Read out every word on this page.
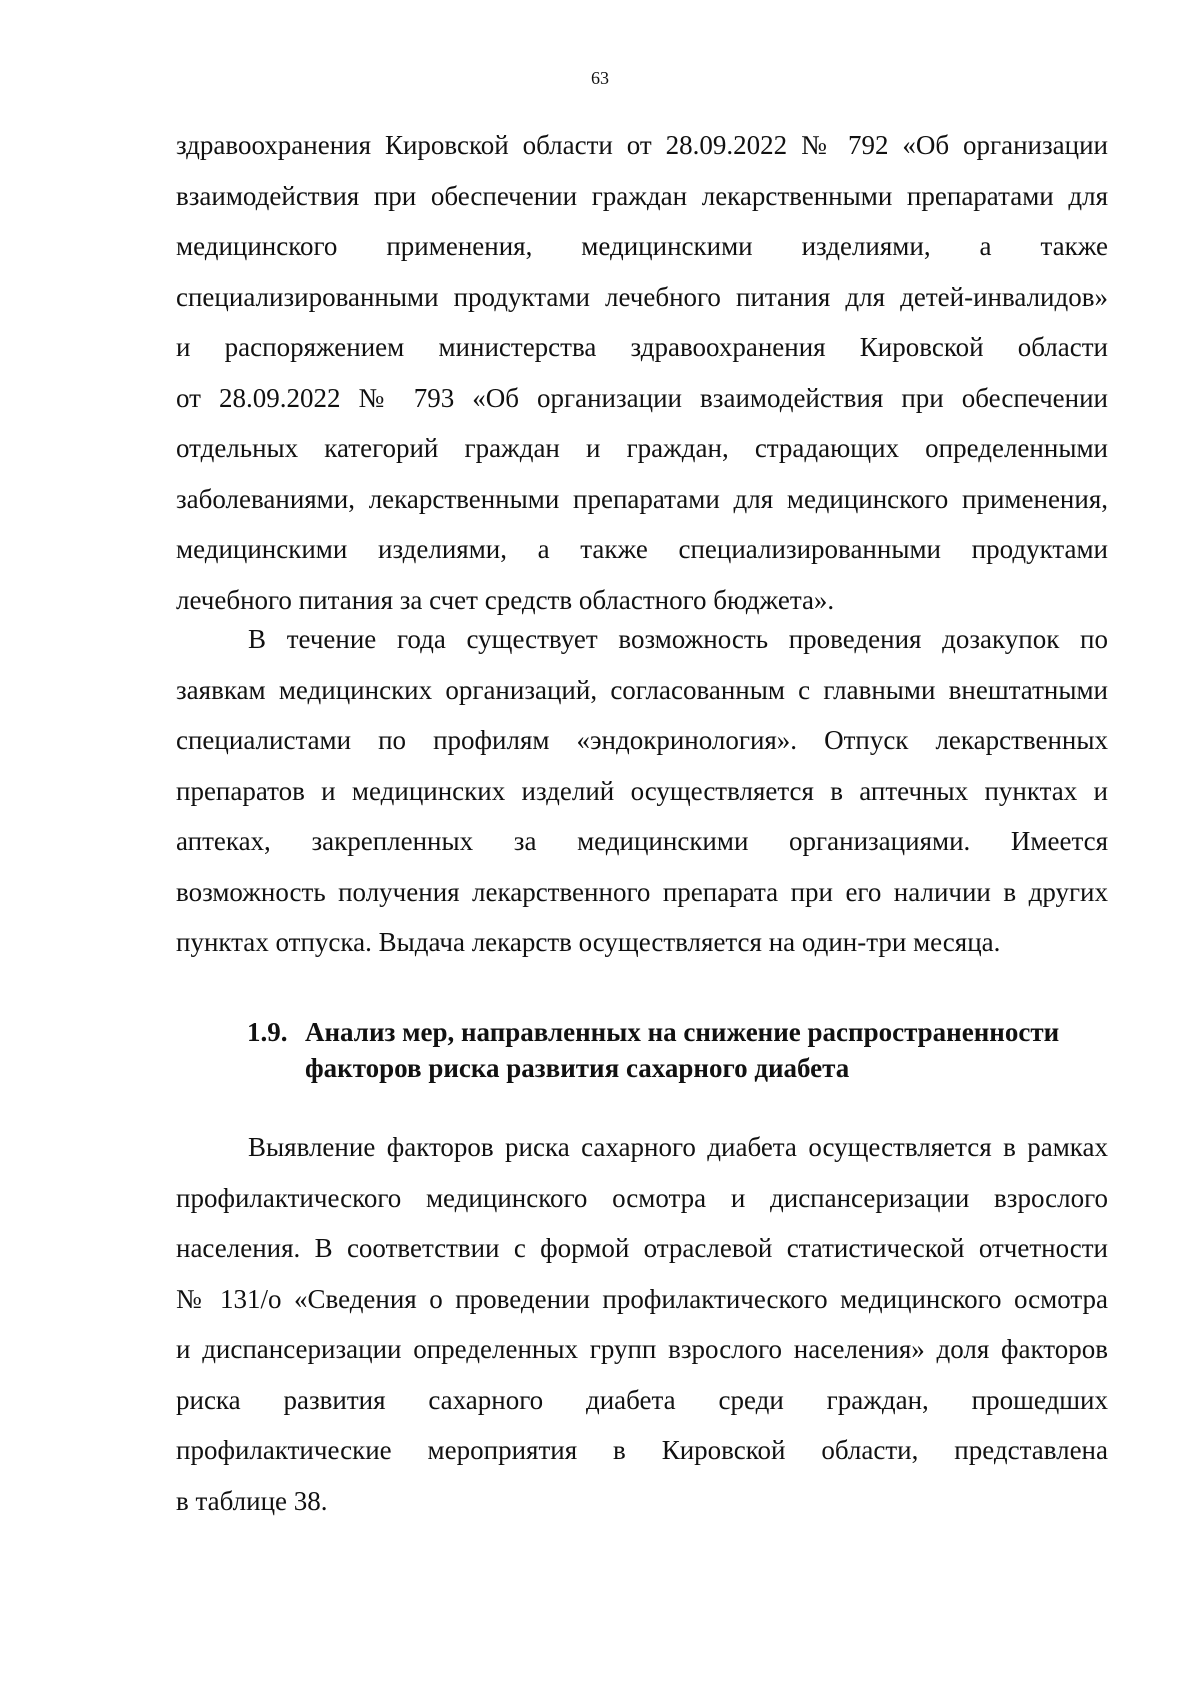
63
здравоохранения Кировской области от 28.09.2022 № 792 «Об организации
взаимодействия при обеспечении граждан лекарственными препаратами для
медицинского применения, медицинскими изделиями, а также
специализированными продуктами лечебного питания для детей-инвалидов»
и распоряжением министерства здравоохранения Кировской области
от 28.09.2022 № 793 «Об организации взаимодействия при обеспечении
отдельных категорий граждан и граждан, страдающих определенными
заболеваниями, лекарственными препаратами для медицинского применения,
медицинскими изделиями, а также специализированными продуктами
лечебного питания за счет средств областного бюджета».
В течение года существует возможность проведения дозакупок по
заявкам медицинских организаций, согласованным с главными внештатными
специалистами по профилям «эндокринология». Отпуск лекарственных
препаратов и медицинских изделий осуществляется в аптечных пунктах и
аптеках, закрепленных за медицинскими организациями. Имеется
возможность получения лекарственного препарата при его наличии в других
пунктах отпуска. Выдача лекарств осуществляется на один-три месяца.
1.9. Анализ мер, направленных на снижение распространенности
факторов риска развития сахарного диабета
Выявление факторов риска сахарного диабета осуществляется в рамках
профилактического медицинского осмотра и диспансеризации взрослого
населения. В соответствии с формой отраслевой статистической отчетности
№ 131/о «Сведения о проведении профилактического медицинского осмотра
и диспансеризации определенных групп взрослого населения» доля факторов
риска развития сахарного диабета среди граждан, прошедших
профилактические мероприятия в Кировской области, представлена
в таблице 38.
